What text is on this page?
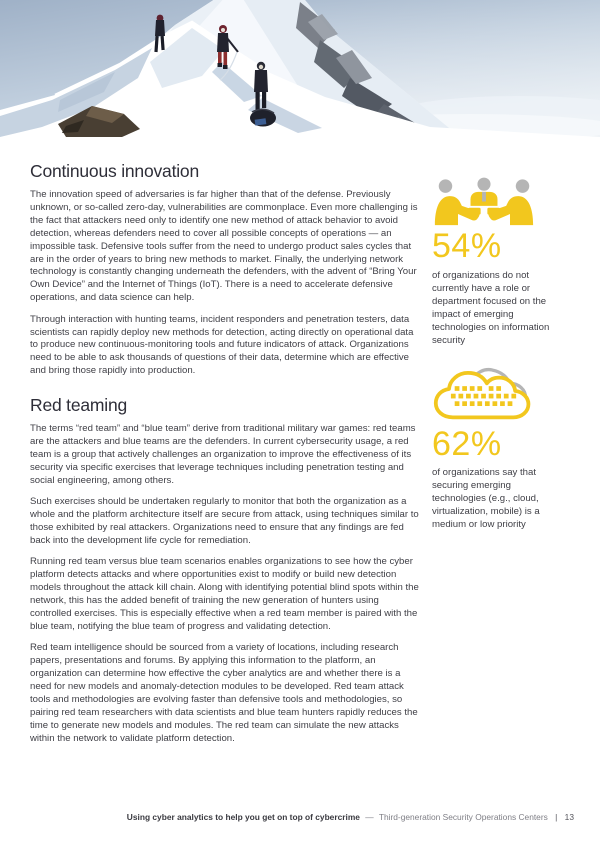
Continuous innovation

The innovation speed of adversaries is far higher than that of the defense. Previously unknown, or so-called zero-day, vulnerabilities are commonplace. Even more challenging is the fact that attackers need only to identify one new method of attack behavior to avoid detection, whereas defenders need to cover all possible concepts of operations — an impossible task. Defensive tools suffer from the need to undergo product sales cycles that are in the order of years to bring new methods to market. Finally, the underlying network technology is constantly changing underneath the defenders, with the advent of “Bring Your Own Device” and the Internet of Things (IoT). There is a need to accelerate defensive operations, and data science can help.

Through interaction with hunting teams, incident responders and penetration testers, data scientists can rapidly deploy new methods for detection, acting directly on operational data to produce new continuous-monitoring tools and future indicators of attack. Organizations need to be able to ask thousands of questions of their data, determine which are effective and bring those rapidly into production.

Red teaming

The terms “red team” and “blue team” derive from traditional military war games: red teams are the attackers and blue teams are the defenders. In current cybersecurity usage, a red team is a group that actively challenges an organization to improve the effectiveness of its security via specific exercises that leverage techniques including penetration testing and social engineering, among others.

Such exercises should be undertaken regularly to monitor that both the organization as a whole and the platform architecture itself are secure from attack, using techniques similar to those exhibited by real attackers. Organizations need to ensure that any findings are fed back into the development life cycle for remediation.

Running red team versus blue team scenarios enables organizations to see how the cyber platform detects attacks and where opportunities exist to modify or build new detection models throughout the attack kill chain. Along with identifying potential blind spots within the network, this has the added benefit of training the new generation of hunters using controlled exercises. This is especially effective when a red team member is paired with the blue team, notifying the blue team of progress and validating detection.

Red team intelligence should be sourced from a variety of locations, including research papers, presentations and forums. By applying this information to the platform, an organization can determine how effective the cyber analytics are and whether there is a need for new models and anomaly-detection modules to be developed. Red team attack tools and methodologies are evolving faster than defensive tools and methodologies, so pairing red team researchers with data scientists and blue team hunters rapidly reduces the time to generate new models and modules. The red team can simulate the new attacks within the network to validate platform detection.

54%
of organizations do not currently have a role or department focused on the impact of emerging technologies on information security
62%
of organizations say that securing emerging technologies (e.g., cloud, virtualization, mobile) is a medium or low priority
Using cyber analytics to help you get on top of cybercrime — Third-generation Security Operations Centers | 13
